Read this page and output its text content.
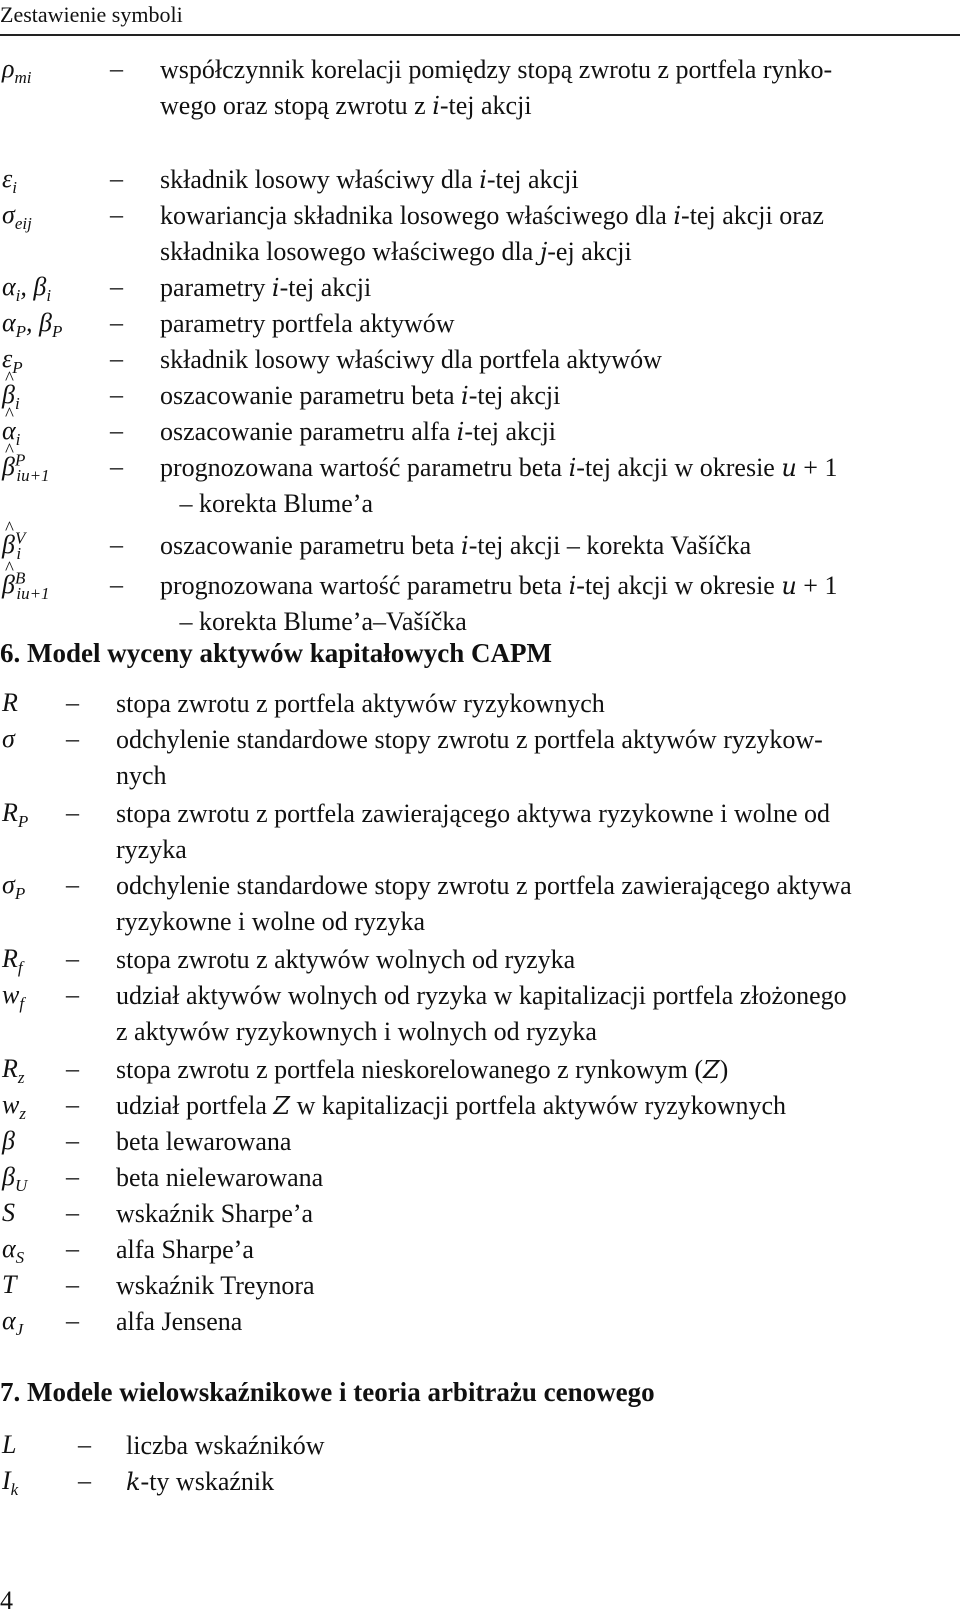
Zestawienie symboli
$\rho_{mi}$	– współczynnik korelacji pomiędzy stopą zwrotu z portfela rynko-
wego oraz stopą zwrotu z i-tej akcji
$\varepsilon_i$	– składnik losowy właściwy dla i-tej akcji
$\sigma_{eij}$	– kowariancja składnika losowego właściwego dla i-tej akcji oraz
składnika losowego właściwego dla j-ej akcji
$\alpha_i$, $\beta_i$ – parametry i-tej akcji
$\alpha_P$, $\beta_P$ – parametry portfela aktywów
$\varepsilon_P$	– składnik losowy właściwy dla portfela aktywów
^ $\beta_i$	– oszacowanie parametru beta i-tej akcji
^ $\alpha_i$	– oszacowanie parametru alfa i-tej akcji
^ $\beta^P_{iu+1}$ – prognozowana wartość parametru beta i-tej akcji w okresie u + 1
– korekta Blume’a
^ $\beta^V_i$	– oszacowanie parametru beta i-tej akcji – korekta Vašíčka
^ $\beta^B_{iu+1}$ – prognozowana wartość parametru beta i-tej akcji w okresie u + 1
– korekta Blume’a–Vašíčka
6. Model wyceny aktywów kapitałowych CAPM
R – stopa zwrotu z portfela aktywów ryzykownych
σ – odchylenie standardowe stopy zwrotu z portfela aktywów ryzykow-
nych
$R_P$ – stopa zwrotu z portfela zawierającego aktywa ryzykowne i wolne od
ryzyka
$\sigma_P$ – odchylenie standardowe stopy zwrotu z portfela zawierającego aktywa
ryzykowne i wolne od ryzyka
$R_f$ – stopa zwrotu z aktywów wolnych od ryzyka
$w_f$ – udział aktywów wolnych od ryzyka w kapitalizacji portfela złożonego
z aktywów ryzykownych i wolnych od ryzyka
$R_z$ – stopa zwrotu z portfela nieskorelowanego z rynkowym (Z)
$w_z$ – udział portfela Z w kapitalizacji portfela aktywów ryzykownych
β – beta lewarowana
$\beta_U$ – beta nielewarowana
S – wskaźnik Sharpe’a
$\alpha_S$ – alfa Sharpe’a
T – wskaźnik Treynora
$\alpha_J$ – alfa Jensena
7. Modele wielowskaźnikowe i teoria arbitrażu cenowego
L – liczba wskaźników
$I_k - k-ty$ wskaźnik
4
